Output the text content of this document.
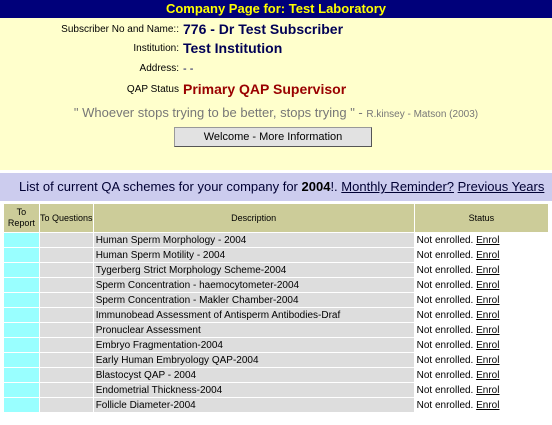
Company Page for: Test Laboratory
Subscriber No and Name:: 776 - Dr Test Subscriber
Institution: Test Institution
Address: - -
QAP Status Primary QAP Supervisor
" Whoever stops trying to be better, stops trying " - R.kinsey - Matson (2003)
Welcome - More Information
List of current QA schemes for your company for 2004!. Monthly Reminder? Previous Years
To Report	To Questions	Description	Status
		Human Sperm Morphology - 2004	Not enrolled. Enrol
		Human Sperm Motility - 2004	Not enrolled. Enrol
		Tygerberg Strict Morphology Scheme-2004	Not enrolled. Enrol
		Sperm Concentration - haemocytometer-2004	Not enrolled. Enrol
		Sperm Concentration - Makler Chamber-2004	Not enrolled. Enrol
		Immunobead Assessment of Antisperm Antibodies-Draf	Not enrolled. Enrol
		Pronuclear Assessment	Not enrolled. Enrol
		Embryo Fragmentation-2004	Not enrolled. Enrol
		Early Human Embryology QAP-2004	Not enrolled. Enrol
		Blastocyst QAP - 2004	Not enrolled. Enrol
		Endometrial Thickness-2004	Not enrolled. Enrol
		Follicle Diameter-2004	Not enrolled. Enrol
